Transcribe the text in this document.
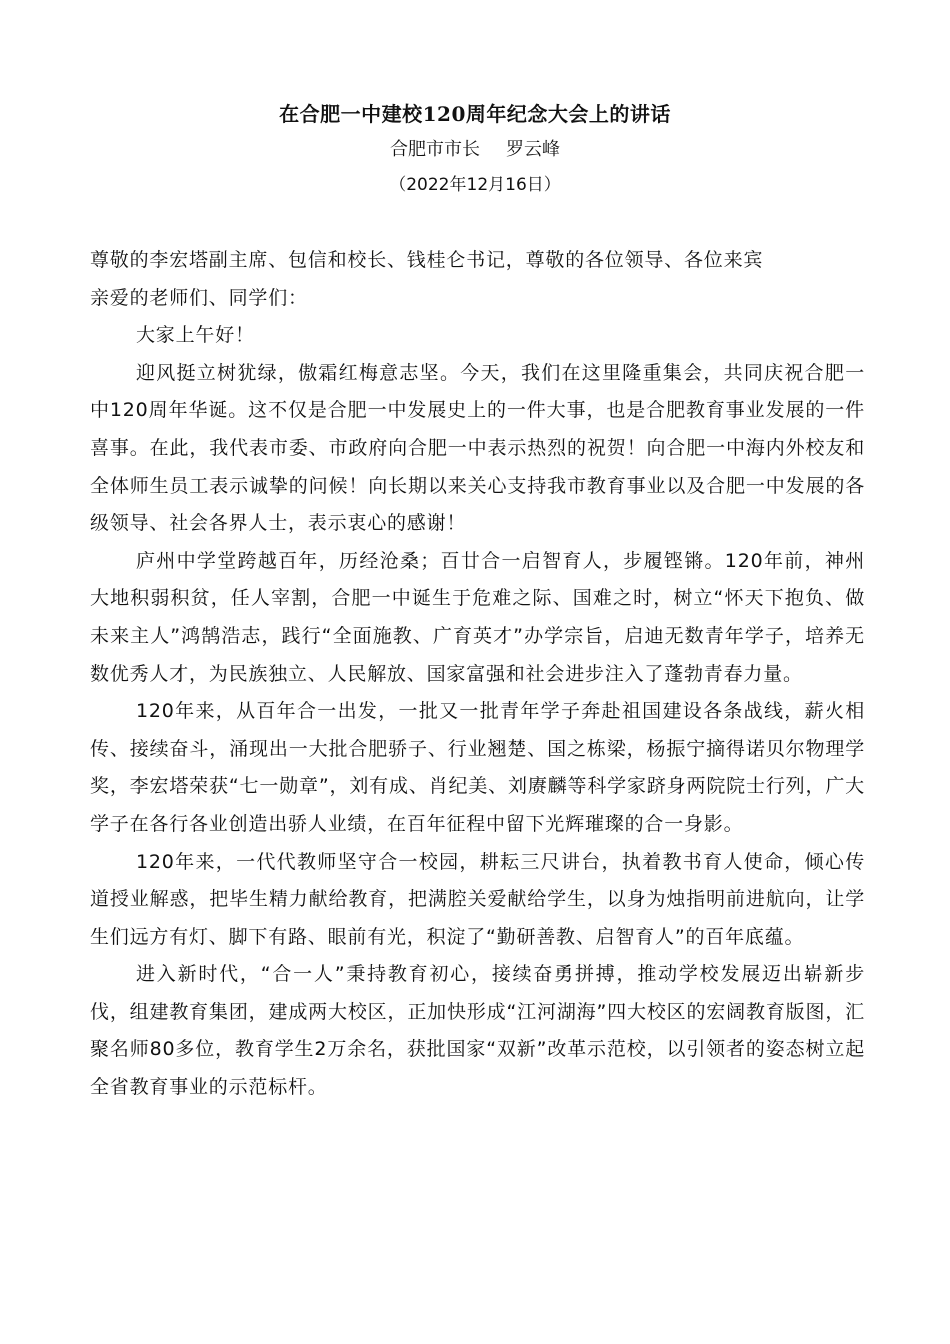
在合肥一中建校120周年纪念大会上的讲话
合肥市市长 罗云峰
（2022年12月16日）

尊敬的李宏塔副主席、包信和校长、钱桂仑书记，尊敬的各位领导、各位来宾

亲爱的老师们、同学们：

大家上午好！

迎风挺立树犹绿，傲霜红梅意志坚。今天，我们在这里隆重集会，共同庆祝合肥一中120周年华诞。这不仅是合肥一中发展史上的一件大事，也是合肥教育事业发展的一件喜事。在此，我代表市委、市政府向合肥一中表示热烈的祝贺！向合肥一中海内外校友和全体师生员工表示诚挚的问候！向长期以来关心支持我市教育事业以及合肥一中发展的各级领导、社会各界人士，表示衷心的感谢！

庐州中学堂跨越百年，历经沧桑；百廿合一启智育人，步履铿锵。120年前，神州大地积弱积贫，任人宰割，合肥一中诞生于危难之际、国难之时，树立“怀天下抱负、做未来主人”鸿鹄浩志，践行“全面施教、广育英才”办学宗旨，启迪无数青年学子，培养无数优秀人才，为民族独立、人民解放、国家富强和社会进步注入了蓬勃青春力量。

120年来，从百年合一出发，一批又一批青年学子奔赴祖国建设各条战线，薪火相传、接续奋斗，涌现出一大批合肥骄子、行业翘楚、国之栋梁，杨振宁摘得诺贝尔物理学奖，李宏塔荣获“七一勋章”，刘有成、肖纪美、刘赓麟等科学家跻身两院院士行列，广大学子在各行各业创造出骄人业绩，在百年征程中留下光辉璀璨的合一身影。

120年来，一代代教师坚守合一校园，耕耘三尺讲台，执着教书育人使命，倾心传道授业解惑，把毕生精力献给教育，把满腔关爱献给学生，以身为烛指明前进航向，让学生们远方有灯、脚下有路、眼前有光，积淀了“勤研善教、启智育人”的百年底蕴。

进入新时代，“合一人”秉持教育初心，接续奋勇拼搏，推动学校发展迈出崭新步伐，组建教育集团，建成两大校区，正加快形成“江河湖海”四大校区的宏阔教育版图，汇聚名师80多位，教育学生2万余名，获批国家“双新”改革示范校，以引领者的姿态树立起全省教育事业的示范标杆。
